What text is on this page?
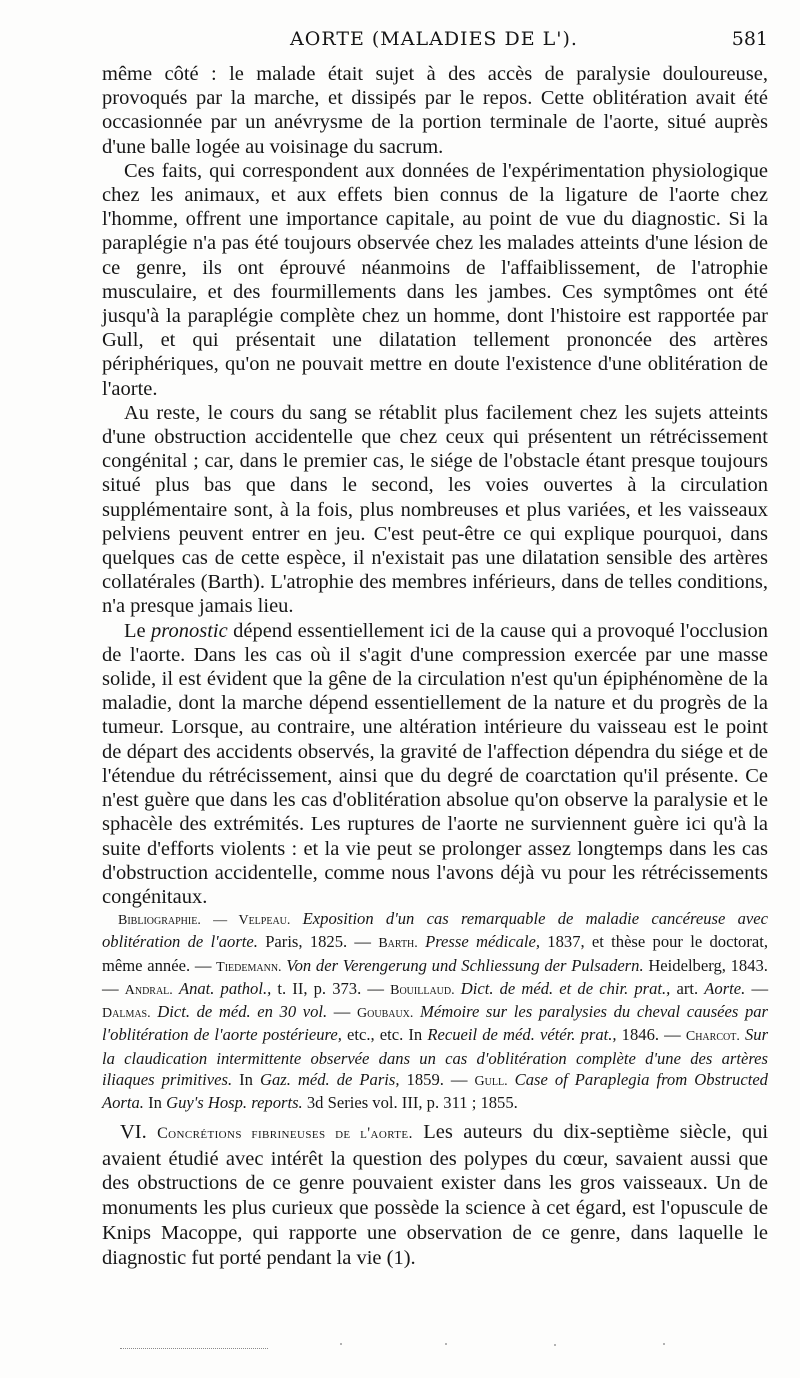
AORTE (MALADIES DE L').	581

même côté : le malade était sujet à des accès de paralysie douloureuse, provoqués par la marche, et dissipés par le repos. Cette oblitération avait été occasionnée par un anévrysme de la portion terminale de l'aorte, situé auprès d'une balle logée au voisinage du sacrum.

Ces faits, qui correspondent aux données de l'expérimentation physiologique chez les animaux, et aux effets bien connus de la ligature de l'aorte chez l'homme, offrent une importance capitale, au point de vue du diagnostic. Si la paraplégie n'a pas été toujours observée chez les malades atteints d'une lésion de ce genre, ils ont éprouvé néanmoins de l'affaiblissement, de l'atrophie musculaire, et des fourmillements dans les jambes. Ces symptômes ont été jusqu'à la paraplégie complète chez un homme, dont l'histoire est rapportée par Gull, et qui présentait une dilatation tellement prononcée des artères périphériques, qu'on ne pouvait mettre en doute l'existence d'une oblitération de l'aorte.

Au reste, le cours du sang se rétablit plus facilement chez les sujets atteints d'une obstruction accidentelle que chez ceux qui présentent un rétrécissement congénital ; car, dans le premier cas, le siége de l'obstacle étant presque toujours situé plus bas que dans le second, les voies ouvertes à la circulation supplémentaire sont, à la fois, plus nombreuses et plus variées, et les vaisseaux pelviens peuvent entrer en jeu. C'est peut-être ce qui explique pourquoi, dans quelques cas de cette espèce, il n'existait pas une dilatation sensible des artères collatérales (Barth). L'atrophie des membres inférieurs, dans de telles conditions, n'a presque jamais lieu.

Le pronostic dépend essentiellement ici de la cause qui a provoqué l'occlusion de l'aorte. Dans les cas où il s'agit d'une compression exercée par une masse solide, il est évident que la gêne de la circulation n'est qu'un épiphénomène de la maladie, dont la marche dépend essentiellement de la nature et du progrès de la tumeur. Lorsque, au contraire, une altération intérieure du vaisseau est le point de départ des accidents observés, la gravité de l'affection dépendra du siége et de l'étendue du rétrécissement, ainsi que du degré de coarctation qu'il présente. Ce n'est guère que dans les cas d'oblitération absolue qu'on observe la paralysie et le sphacèle des extrémités. Les ruptures de l'aorte ne surviennent guère ici qu'à la suite d'efforts violents : et la vie peut se prolonger assez longtemps dans les cas d'obstruction accidentelle, comme nous l'avons déjà vu pour les rétrécissements congénitaux.

Bibliographie. — Velpeau. Exposition d'un cas remarquable de maladie cancéreuse avec oblitération de l'aorte. Paris, 1825. — Barth. Presse médicale, 1837, et thèse pour le doctorat, même année. — Tiedemann. Von der Verengerung und Schliessung der Pulsadern. Heidelberg, 1843. — Andral. Anat. pathol., t. II, p. 373. — Bouillaud. Dict. de méd. et de chir. prat., art. Aorte. — Dalmas. Dict. de méd. en 30 vol. — Goubaux. Mémoire sur les paralysies du cheval causées par l'oblitération de l'aorte postérieure, etc., etc. In Recueil de méd. vétér. prat., 1846. — Charcot. Sur la claudication intermittente observée dans un cas d'oblitération complète d'une des artères iliaques primitives. In Gaz. méd. de Paris, 1859. — Gull. Case of Paraplegia from Obstructed Aorta. In Guy's Hosp. reports. 3d Series vol. III, p. 311 ; 1855.
VI. Concrétions fibrineuses de l'aorte. Les auteurs du dix-septième siècle, qui avaient étudié avec intérêt la question des polypes du cœur, savaient aussi que des obstructions de ce genre pouvaient exister dans les gros vaisseaux. Un de monuments les plus curieux que possède la science à cet égard, est l'opuscule de Knips Macoppe, qui rapporte une observation de ce genre, dans laquelle le diagnostic fut porté pendant la vie (1).
